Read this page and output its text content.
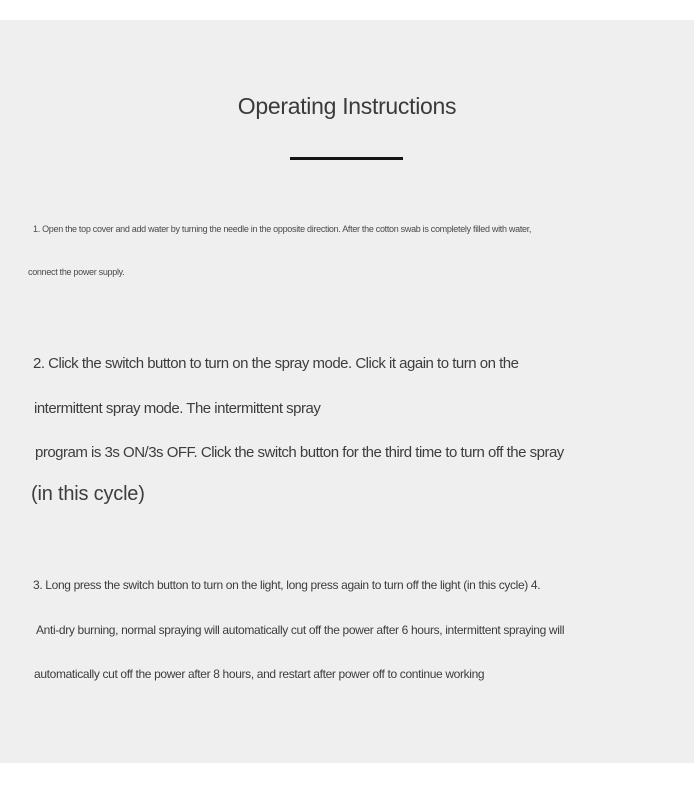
Operating Instructions
1. Open the top cover and add water by turning the needle in the opposite direction. After the cotton swab is completely filled with water,
connect the power supply.
2. Click the switch button to turn on the spray mode. Click it again to turn on the
intermittent spray mode. The intermittent spray
program is 3s ON/3s OFF. Click the switch button for the third time to turn off the spray
(in this cycle)
3. Long press the switch button to turn on the light, long press again to turn off the light (in this cycle) 4.
Anti-dry burning, normal spraying will automatically cut off the power after 6 hours, intermittent spraying will
automatically cut off the power after 8 hours, and restart after power off to continue working
